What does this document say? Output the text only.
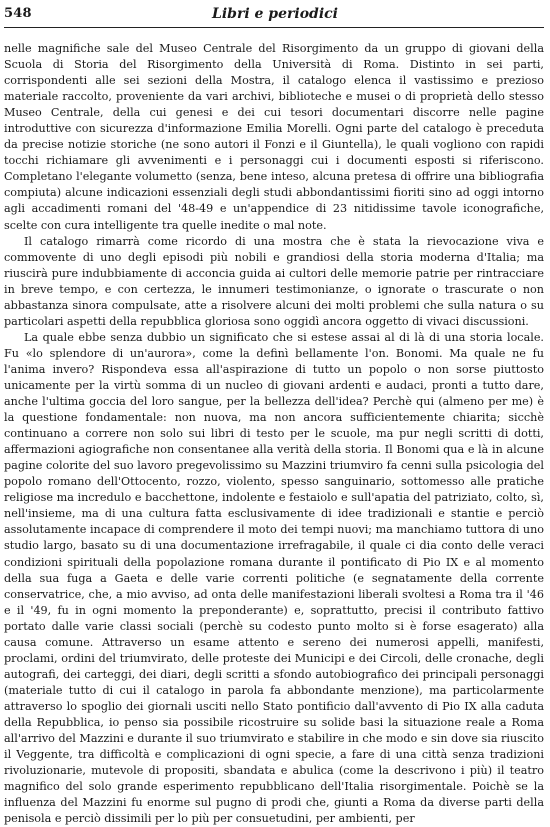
548	Libri e periodici

nelle magnifiche sale del Museo Centrale del Risorgimento da un gruppo di giovani della Scuola di Storia del Risorgimento della Università di Roma. Distinto in sei parti, corrispondenti alle sei sezioni della Mostra, il catalogo elenca il vastissimo e prezioso materiale raccolto, proveniente da vari archivi, biblioteche e musei o di proprietà dello stesso Museo Centrale, della cui genesi e dei cui tesori documentari discorre nelle pagine introduttive con sicurezza d'informazione Emilia Morelli. Ogni parte del catalogo è preceduta da precise notizie storiche (ne sono autori il Fonzi e il Giuntella), le quali vogliono con rapidi tocchi richiamare gli avvenimenti e i personaggi cui i documenti esposti si riferiscono. Completano l'elegante volumetto (senza, bene inteso, alcuna pretesa di offrire una bibliografia compiuta) alcune indicazioni essenziali degli studi abbondantissimi fioriti sino ad oggi intorno agli accadimenti romani del '48-49 e un'appendice di 23 nitidissime tavole iconografiche, scelte con cura intelligente tra quelle inedite o mal note.

Il catalogo rimarrà come ricordo di una mostra che è stata la rievocazione viva e commovente di uno degli episodi più nobili e grandiosi della storia moderna d'Italia; ma riuscirà pure indubbiamente di acconcia guida ai cultori delle memorie patrie per rintracciare in breve tempo, e con certezza, le innumeri testimonianze, o ignorate o trascurate o non abbastanza sinora compulsate, atte a risolvere alcuni dei molti problemi che sulla natura o su particolari aspetti della repubblica gloriosa sono oggidì ancora oggetto di vivaci discussioni.

La quale ebbe senza dubbio un significato che si estese assai al di là di una storia locale. Fu «lo splendore di un'aurora», come la definì bellamente l'on. Bonomi. Ma quale ne fu l'anima invero? Rispondeva essa all'aspirazione di tutto un popolo o non sorse piuttosto unicamente per la virtù somma di un nucleo di giovani ardenti e audaci, pronti a tutto dare, anche l'ultima goccia del loro sangue, per la bellezza dell'idea? Perchè qui (almeno per me) è la questione fondamentale: non nuova, ma non ancora sufficientemente chiarita; sicchè continuano a correre non solo sui libri di testo per le scuole, ma pur negli scritti di dotti, affermazioni agiografiche non consentanee alla verità della storia. Il Bonomi qua e là in alcune pagine colorite del suo lavoro pregevolissimo su Mazzini triumviro fa cenni sulla psicologia del popolo romano dell'Ottocento, rozzo, violento, spesso sanguinario, sottomesso alle pratiche religiose ma incredulo e bacchettone, indolente e festaiolo e sull'apatia del patriziato, colto, sì, nell'insieme, ma di una cultura fatta esclusivamente di idee tradizionali e stantie e perciò assolutamente incapace di comprendere il moto dei tempi nuovi; ma manchiamo tuttora di uno studio largo, basato su di una documentazione irrefragabile, il quale ci dia conto delle veraci condizioni spirituali della popolazione romana durante il pontificato di Pio IX e al momento della sua fuga a Gaeta e delle varie correnti politiche (e segnatamente della corrente conservatrice, che, a mio avviso, ad onta delle manifestazioni liberali svoltesi a Roma tra il '46 e il '49, fu in ogni momento la preponderante) e, soprattutto, precisi il contributo fattivo portato dalle varie classi sociali (perchè su codesto punto molto si è forse esagerato) alla causa comune. Attraverso un esame attento e sereno dei numerosi appelli, manifesti, proclami, ordini del triumvirato, delle proteste dei Municipi e dei Circoli, delle cronache, degli autografi, dei carteggi, dei diari, degli scritti a sfondo autobiografico dei principali personaggi (materiale tutto di cui il catalogo in parola fa abbondante menzione), ma particolarmente attraverso lo spoglio dei giornali usciti nello Stato pontificio dall'avvento di Pio IX alla caduta della Repubblica, io penso sia possibile ricostruire su solide basi la situazione reale a Roma all'arrivo del Mazzini e durante il suo triumvirato e stabilire in che modo e sin dove sia riuscito il Veggente, tra difficoltà e complicazioni di ogni specie, a fare di una città senza tradizioni rivoluzionarie, mutevole di propositi, sbandata e abulica (come la descrivono i più) il teatro magnifico del solo grande esperimento repubblicano dell'Italia risorgimentale. Poichè se la influenza del Mazzini fu enorme sul pugno di prodi che, giunti a Roma da diverse parti della penisola e perciò dissimili per lo più per consuetudini, per ambienti, per
